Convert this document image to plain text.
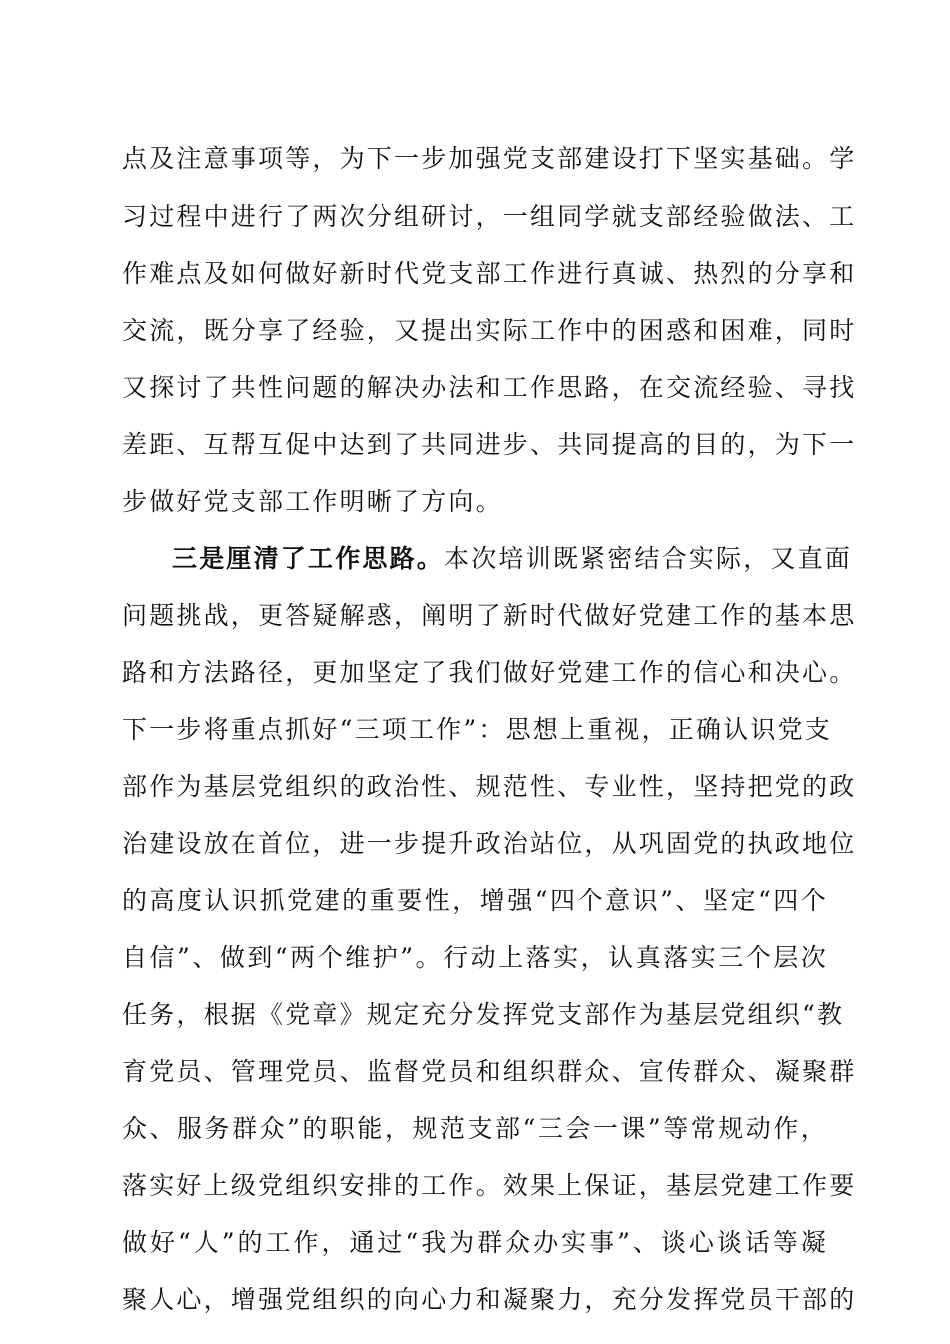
点及注意事项等，为下一步加强党支部建设打下坚实基础。学
习过程中进行了两次分组研讨，一组同学就支部经验做法、工
作难点及如何做好新时代党支部工作进行真诚、热烈的分享和
交流，既分享了经验，又提出实际工作中的困惑和困难，同时
又探讨了共性问题的解决办法和工作思路，在交流经验、寻找
差距、互帮互促中达到了共同进步、共同提高的目的，为下一
步做好党支部工作明晰了方向。
三是厘清了工作思路。本次培训既紧密结合实际，又直面
问题挑战，更答疑解惑，阐明了新时代做好党建工作的基本思
路和方法路径，更加坚定了我们做好党建工作的信心和决心。
下一步将重点抓好“三项工作”：思想上重视，正确认识党支
部作为基层党组织的政治性、规范性、专业性，坚持把党的政
治建设放在首位，进一步提升政治站位，从巩固党的执政地位
的高度认识抓党建的重要性，增强“四个意识”、坚定“四个
自信”、做到“两个维护”。行动上落实，认真落实三个层次
任务，根据《党章》规定充分发挥党支部作为基层党组织“教
育党员、管理党员、监督党员和组织群众、宣传群众、凝聚群
众、服务群众”的职能，规范支部“三会一课”等常规动作，
落实好上级党组织安排的工作。效果上保证，基层党建工作要
做好“人”的工作，通过“我为群众办实事”、谈心谈话等凝
聚人心，增强党组织的向心力和凝聚力，充分发挥党员干部的
